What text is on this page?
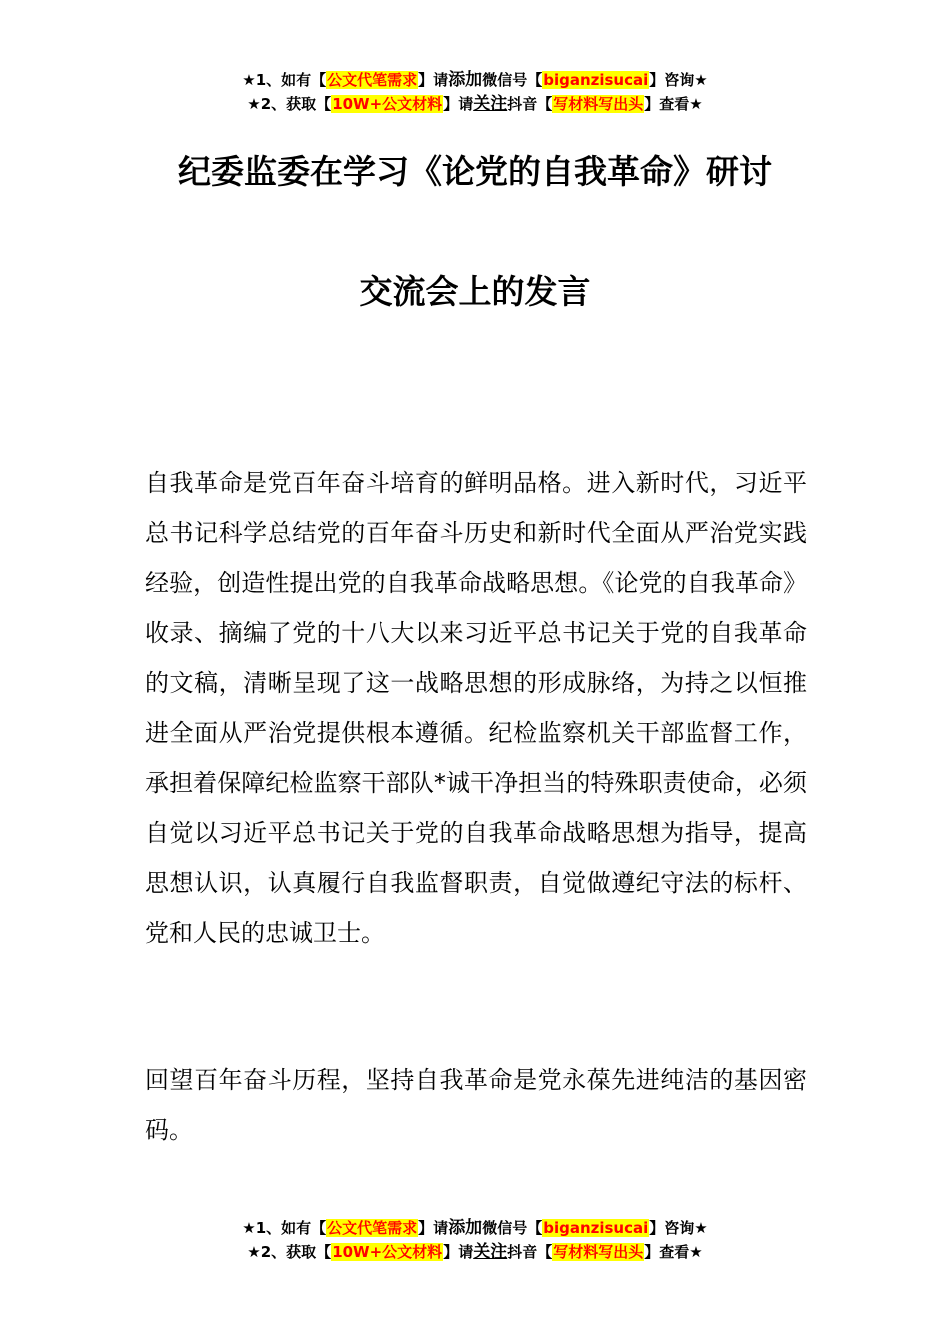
★1、如有【公文代笔需求】请添加微信号【biganzisucai】咨询★
★2、获取【10W+公文材料】请关注抖音【写材料写出头】查看★
纪委监委在学习《论党的自我革命》研讨
交流会上的发言
自我革命是党百年奋斗培育的鲜明品格。进入新时代，习近平总书记科学总结党的百年奋斗历史和新时代全面从严治党实践经验，创造性提出党的自我革命战略思想。《论党的自我革命》收录、摘编了党的十八大以来习近平总书记关于党的自我革命的文稿，清晰呈现了这一战略思想的形成脉络，为持之以恒推进全面从严治党提供根本遵循。纪检监察机关干部监督工作，承担着保障纪检监察干部队*诚干净担当的特殊职责使命，必须自觉以习近平总书记关于党的自我革命战略思想为指导，提高思想认识，认真履行自我监督职责，自觉做遵纪守法的标杆、党和人民的忠诚卫士。
回望百年奋斗历程，坚持自我革命是党永葆先进纯洁的基因密码。
★1、如有【公文代笔需求】请添加微信号【biganzisucai】咨询★
★2、获取【10W+公文材料】请关注抖音【写材料写出头】查看★
